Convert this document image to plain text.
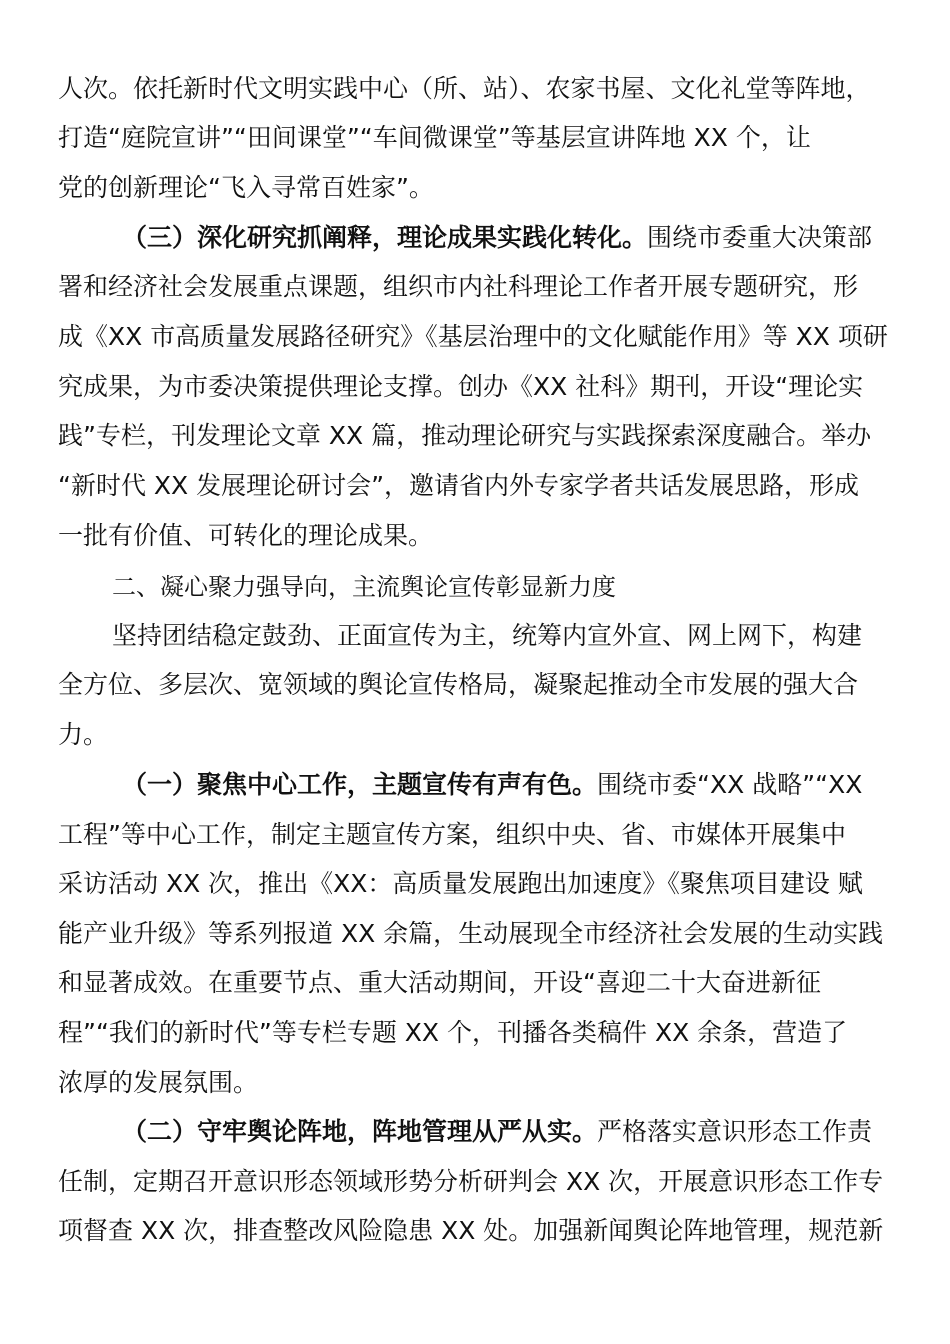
人次。依托新时代文明实践中心（所、站）、农家书屋、文化礼堂等阵地，
打造“庭院宣讲”“田间课堂”“车间微课堂”等基层宣讲阵地 XX 个，让
党的创新理论“飞入寻常百姓家”。
（三）深化研究抓阐释，理论成果实践化转化。围绕市委重大决策部
署和经济社会发展重点课题，组织市内社科理论工作者开展专题研究，形
成《XX 市高质量发展路径研究》《基层治理中的文化赋能作用》等 XX 项研
究成果，为市委决策提供理论支撑。创办《XX 社科》期刊，开设“理论实
践”专栏，刊发理论文章 XX 篇，推动理论研究与实践探索深度融合。举办
“新时代 XX 发展理论研讨会”，邀请省内外专家学者共话发展思路，形成
一批有价值、可转化的理论成果。
二、凝心聚力强导向，主流舆论宣传彰显新力度
坚持团结稳定鼓劲、正面宣传为主，统筹内宣外宣、网上网下，构建
全方位、多层次、宽领域的舆论宣传格局，凝聚起推动全市发展的强大合
力。
（一）聚焦中心工作，主题宣传有声有色。围绕市委“XX 战略”“XX
工程”等中心工作，制定主题宣传方案，组织中央、省、市媒体开展集中
采访活动 XX 次，推出《XX：高质量发展跑出加速度》《聚焦项目建设 赋
能产业升级》等系列报道 XX 余篇，生动展现全市经济社会发展的生动实践
和显著成效。在重要节点、重大活动期间，开设“喜迎二十大奋进新征
程”“我们的新时代”等专栏专题 XX 个，刊播各类稿件 XX 余条，营造了
浓厚的发展氛围。
（二）守牢舆论阵地，阵地管理从严从实。严格落实意识形态工作责
任制，定期召开意识形态领域形势分析研判会 XX 次，开展意识形态工作专
项督查 XX 次，排查整改风险隐患 XX 处。加强新闻舆论阵地管理，规范新
